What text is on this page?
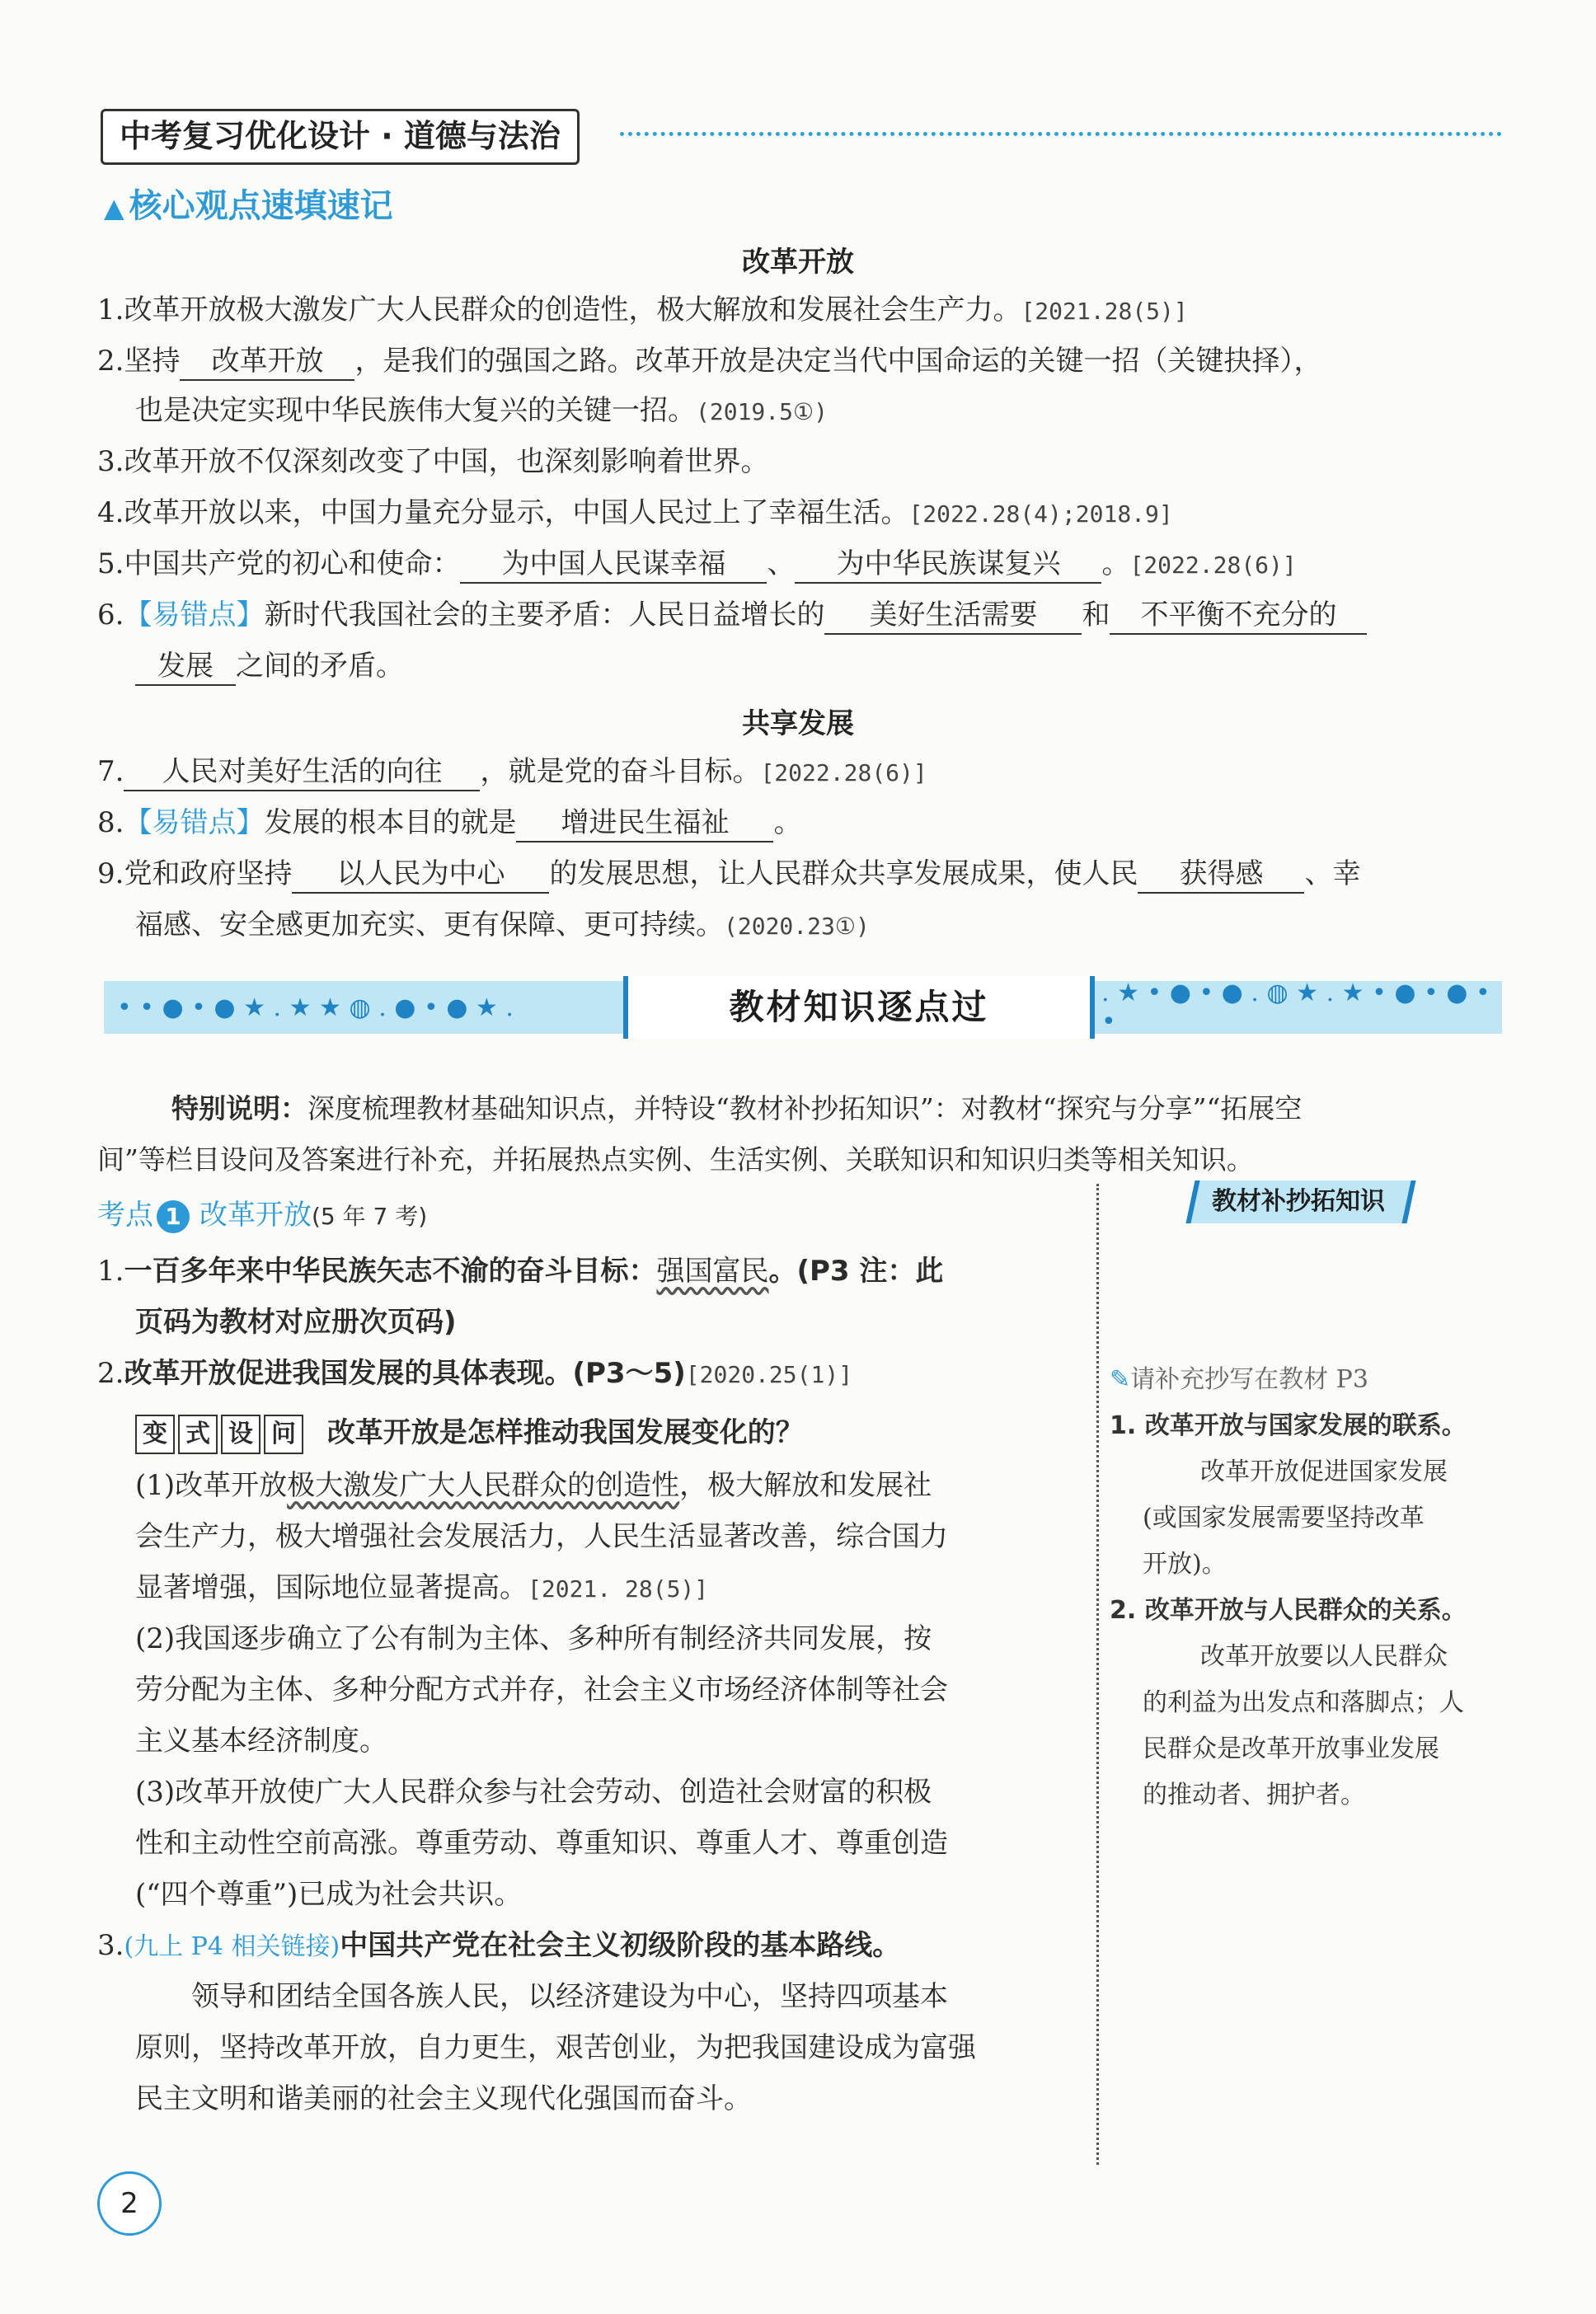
中考复习优化设计 · 道德与法治
▲ 核心观点速填速记
改革开放
1.改革开放极大激发广大人民群众的创造性，极大解放和发展社会生产力。[2021.28(5)]
2.坚持 改革开放 ，是我们的强国之路。改革开放是决定当代中国命运的关键一招（关键抉择），
也是决定实现中华民族伟大复兴的关键一招。(2019.5①)
3.改革开放不仅深刻改变了中国，也深刻影响着世界。
4.改革开放以来，中国力量充分显示，中国人民过上了幸福生活。[2022.28(4);2018.9]
5.中国共产党的初心和使命： 为中国人民谋幸福 、 为中华民族谋复兴 。[2022.28(6)]
6.【易错点】新时代我国社会的主要矛盾：人民日益增长的 美好生活需要 和 不平衡不充分的
发展 之间的矛盾。
共享发展
7. 人民对美好生活的向往 ，就是党的奋斗目标。[2022.28(6)]
8.【易错点】发展的根本目的就是 增进民生福祉 。
9.党和政府坚持 以人民为中心 的发展思想，让人民群众共享发展成果，使人民 获得感 、幸
福感、安全感更加充实、更有保障、更可持续。(2020.23①)
• • ● • ● ★ . ★ ★ ◍ . ● • ● ★ .	教材知识逐点过	. ★ • ● • ● . ◍ ★ . ★ • ● • ● • •
特别说明：深度梳理教材基础知识点，并特设“教材补抄拓知识”：对教材“探究与分享”“拓展空
间”等栏目设问及答案进行补充，并拓展热点实例、生活实例、关联知识和知识归类等相关知识。
考点 1 改革开放(5 年 7 考)
1.一百多年来中华民族矢志不渝的奋斗目标：强国富民。(P3 注：此
页码为教材对应册次页码)
2.改革开放促进我国发展的具体表现。(P3～5)[2020.25(1)]
变 式 设 问 改革开放是怎样推动我国发展变化的？
(1)改革开放极大激发广大人民群众的创造性，极大解放和发展社
会生产力，极大增强社会发展活力，人民生活显著改善，综合国力
显著增强，国际地位显著提高。[2021. 28(5)]
(2)我国逐步确立了公有制为主体、多种所有制经济共同发展，按
劳分配为主体、多种分配方式并存，社会主义市场经济体制等社会
主义基本经济制度。
(3)改革开放使广大人民群众参与社会劳动、创造社会财富的积极
性和主动性空前高涨。尊重劳动、尊重知识、尊重人才、尊重创造
(“四个尊重”)已成为社会共识。
3.(九上 P4 相关链接)中国共产党在社会主义初级阶段的基本路线。
领导和团结全国各族人民，以经济建设为中心，坚持四项基本
原则，坚持改革开放，自力更生，艰苦创业，为把我国建设成为富强
民主文明和谐美丽的社会主义现代化强国而奋斗。
教材补抄拓知识
✎请补充抄写在教材 P3
1. 改革开放与国家发展的联系。
改革开放促进国家发展
(或国家发展需要坚持改革
开放)。
2. 改革开放与人民群众的关系。
改革开放要以人民群众
的利益为出发点和落脚点；人
民群众是改革开放事业发展
的推动者、拥护者。
2
